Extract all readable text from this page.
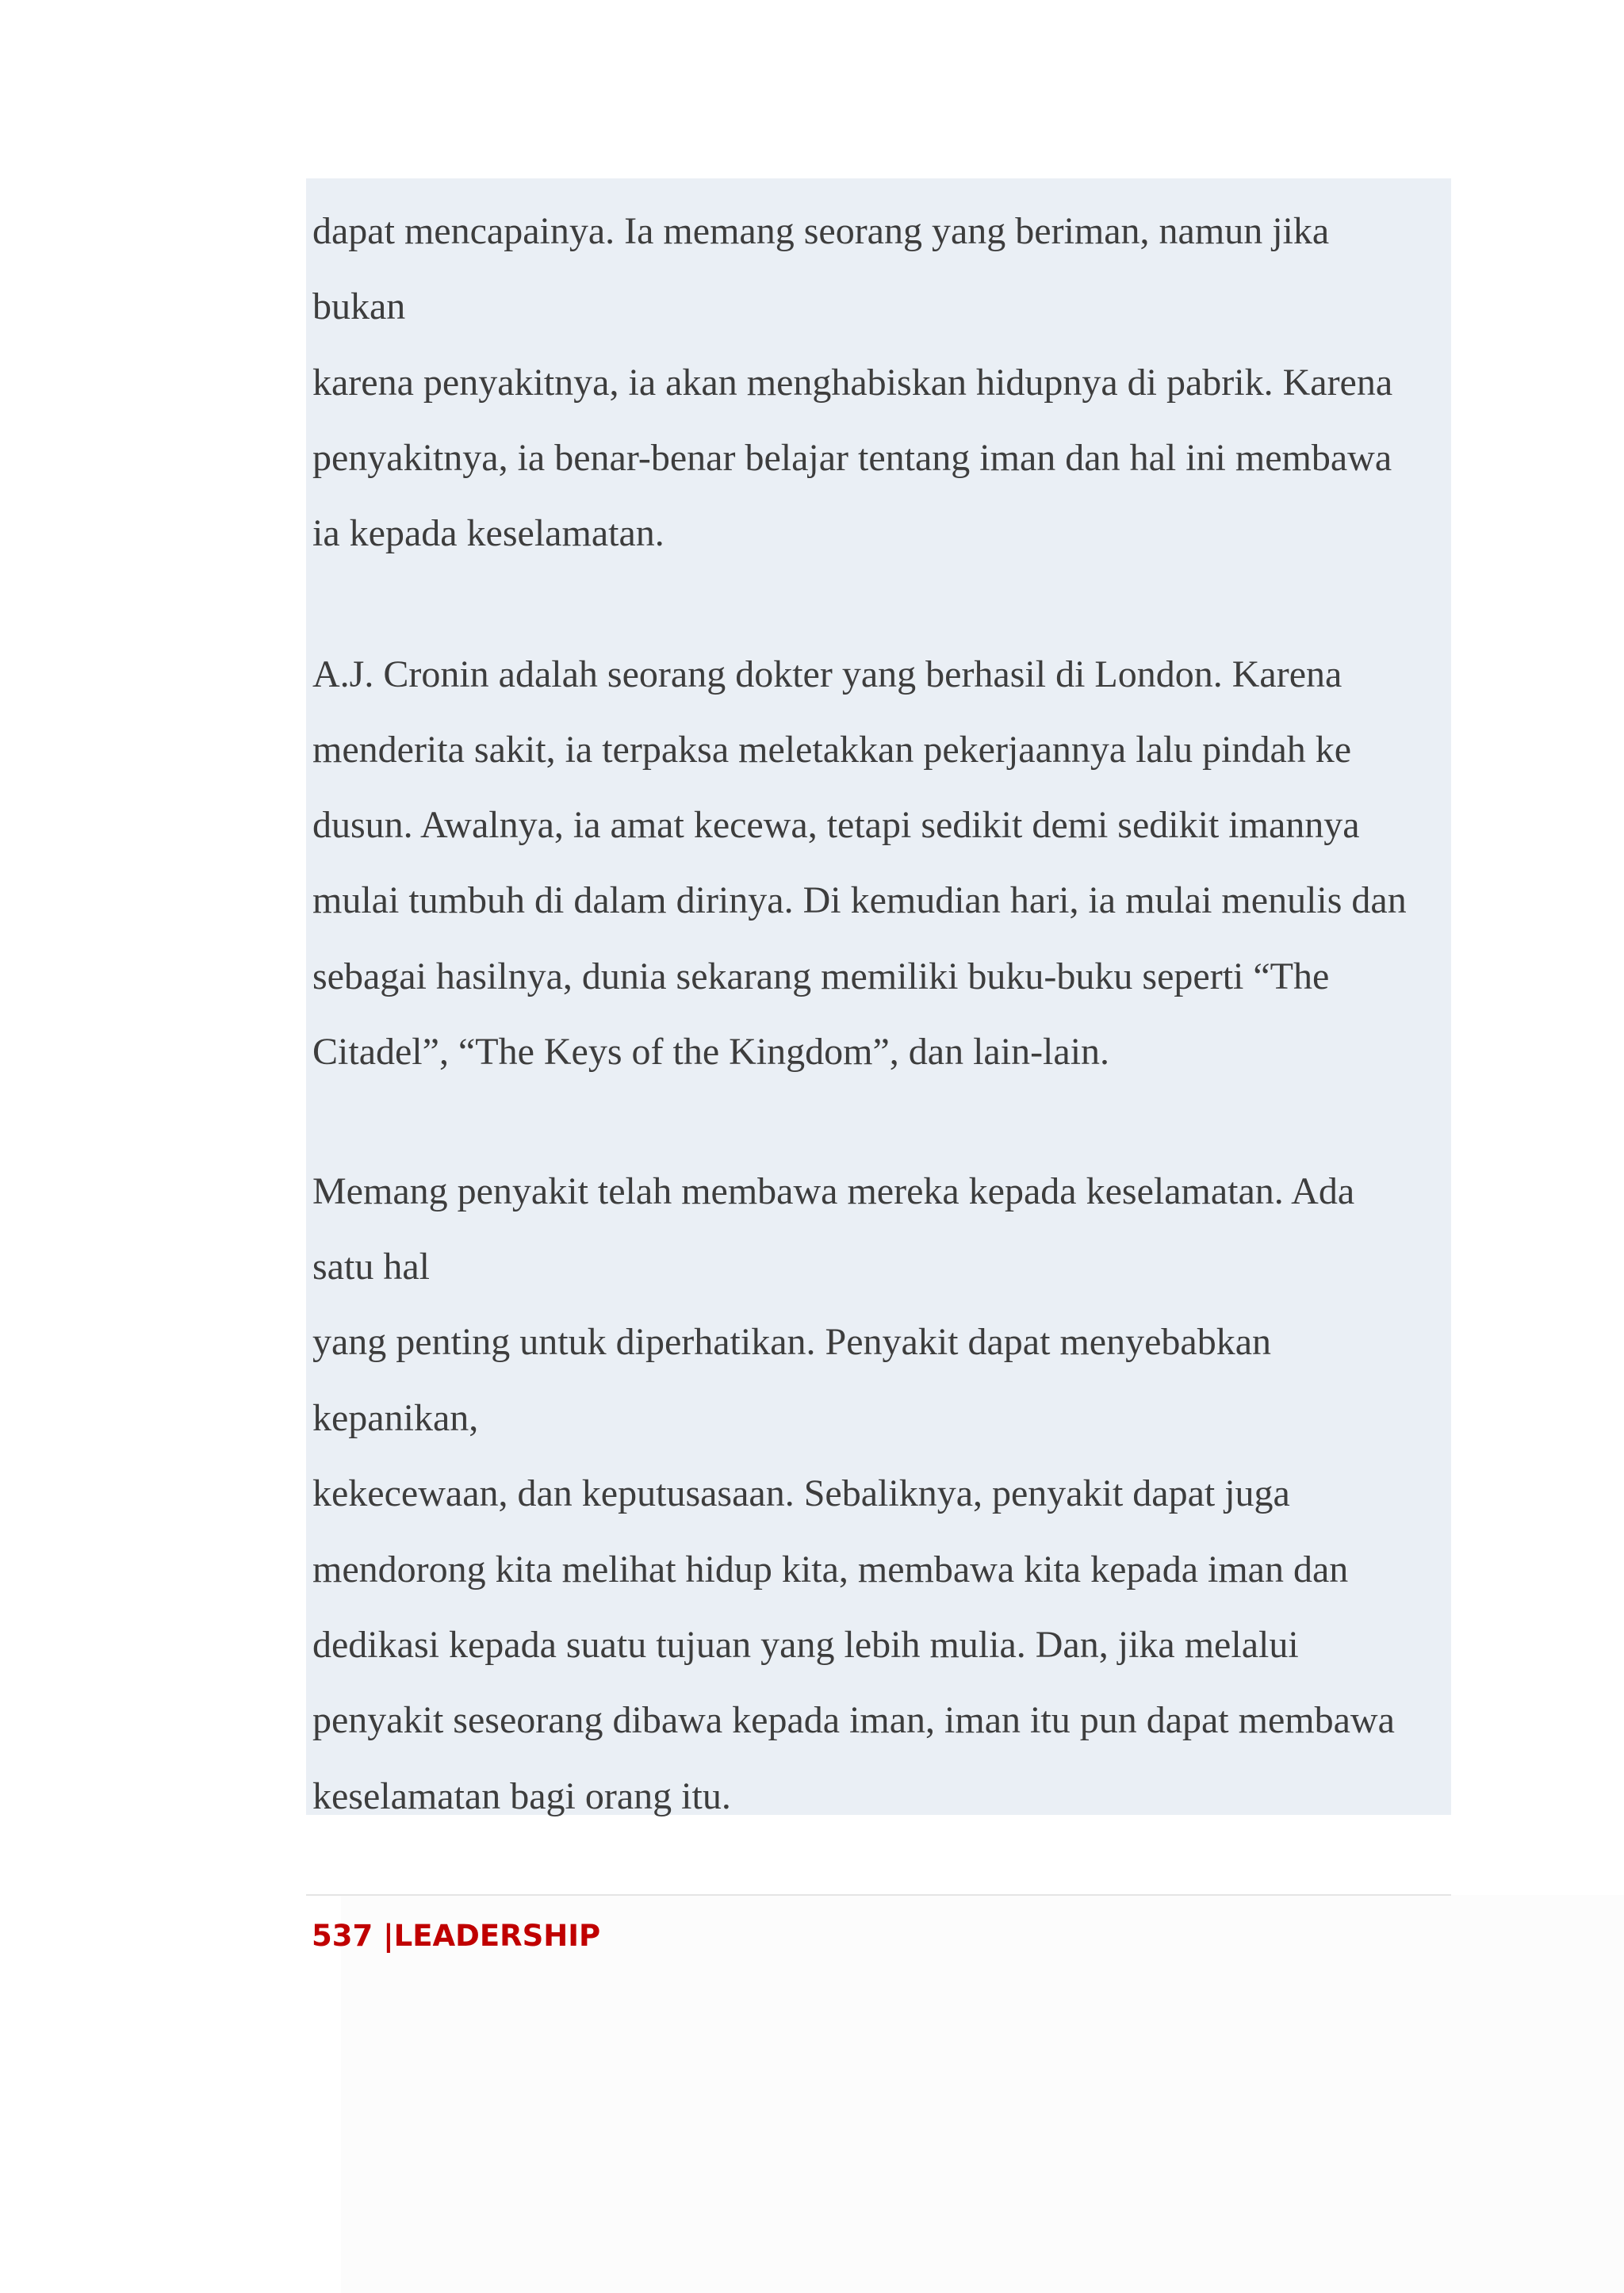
dapat mencapainya. Ia memang seorang yang beriman, namun jika
bukan
karena penyakitnya, ia akan menghabiskan hidupnya di pabrik. Karena
penyakitnya, ia benar-benar belajar tentang iman dan hal ini membawa
ia kepada keselamatan.
A.J. Cronin adalah seorang dokter yang berhasil di London. Karena
menderita sakit, ia terpaksa meletakkan pekerjaannya lalu pindah ke
dusun. Awalnya, ia amat kecewa, tetapi sedikit demi sedikit imannya
mulai tumbuh di dalam dirinya. Di kemudian hari, ia mulai menulis dan
sebagai hasilnya, dunia sekarang memiliki buku-buku seperti “The
Citadel”, “The Keys of the Kingdom”, dan lain-lain.
Memang penyakit telah membawa mereka kepada keselamatan. Ada
satu hal
yang penting untuk diperhatikan. Penyakit dapat menyebabkan
kepanikan,
kekecewaan, dan keputusasaan. Sebaliknya, penyakit dapat juga
mendorong kita melihat hidup kita, membawa kita kepada iman dan
dedikasi kepada suatu tujuan yang lebih mulia. Dan, jika melalui
penyakit seseorang dibawa kepada iman, iman itu pun dapat membawa
keselamatan bagi orang itu.
537 |LEADERSHIP
